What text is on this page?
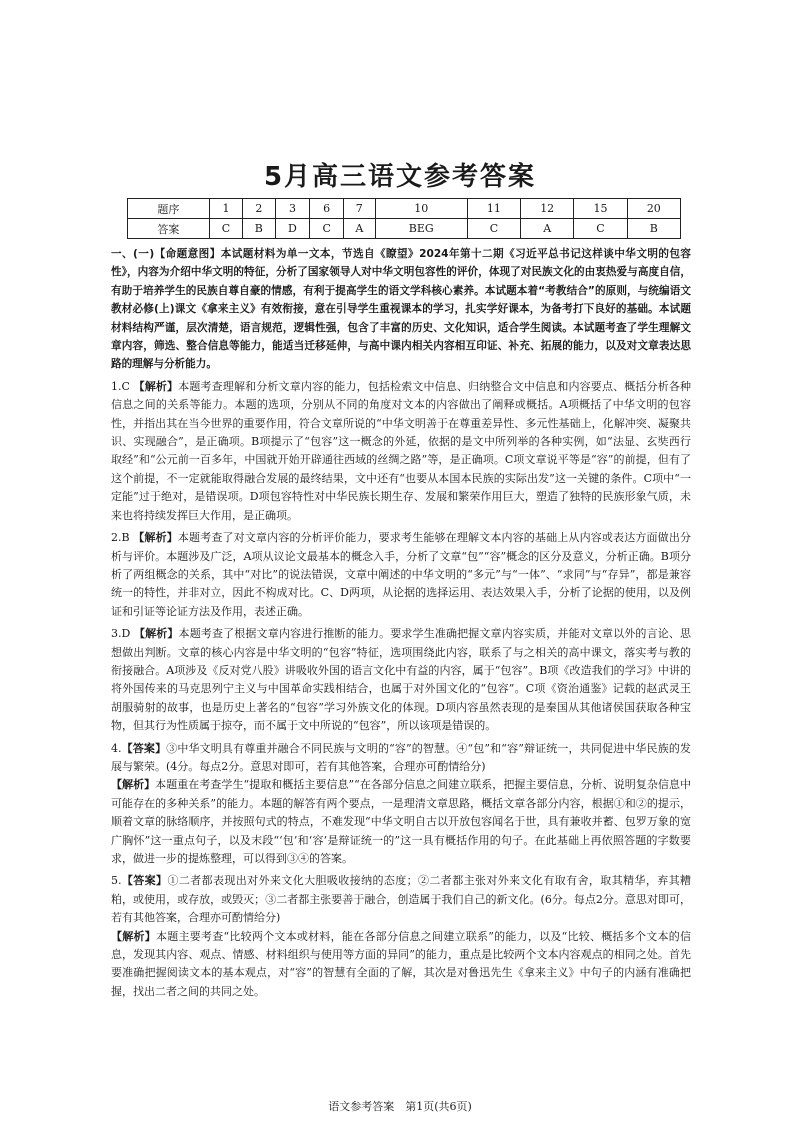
5月高三语文参考答案
题序	1	2	3	6	7	10	11	12	15	20
答案	C	B	D	C	A	BEG	C	A	C	B

一、(一)【命题意图】本试题材料为单一文本，节选自《瞭望》2024年第十二期《习近平总书记这样谈中华文明的包容性》，内容为介绍中华文明的特征，分析了国家领导人对中华文明包容性的评价，体现了对民族文化的由衷热爱与高度自信，有助于培养学生的民族自尊自豪的情感，有利于提高学生的语文学科核心素养。本试题本着“考教结合”的原则，与统编语文教材必修(上)课文《拿来主义》有效衔接，意在引导学生重视课本的学习，扎实学好课本，为备考打下良好的基础。本试题材料结构严谨，层次清楚，语言规范，逻辑性强，包含了丰富的历史、文化知识，适合学生阅读。本试题考查了学生理解文章内容，筛选、整合信息等能力，能适当迁移延伸，与高中课内相关内容相互印证、补充、拓展的能力，以及对文章表达思路的理解与分析能力。

1.C 【解析】本题考查理解和分析文章内容的能力，包括检索文中信息、归纳整合文中信息和内容要点、概括分析各种信息之间的关系等能力。本题的选项，分别从不同的角度对文本的内容做出了阐释或概括。A项概括了中华文明的包容性，并指出其在当今世界的重要作用，符合文章所说的“中华文明善于在尊重差异性、多元性基础上，化解冲突、凝聚共识、实现融合”，是正确项。B项提示了“包容”这一概念的外延，依据的是文中所列举的各种实例，如“法显、玄奘西行取经”和“公元前一百多年，中国就开始开辟通往西域的丝绸之路”等，是正确项。C项文章说平等是“容”的前提，但有了这个前提，不一定就能取得融合发展的最终结果，文中还有“也要从本国本民族的实际出发”这一关键的条件。C项中“一定能”过于绝对，是错误项。D项包容特性对中华民族长期生存、发展和繁荣作用巨大，塑造了独特的民族形象气质，未来也将持续发挥巨大作用，是正确项。

2.B 【解析】本题考查了对文章内容的分析评价能力，要求考生能够在理解文本内容的基础上从内容或表达方面做出分析与评价。本题涉及广泛，A项从议论文最基本的概念入手，分析了文章“包”“容”概念的区分及意义，分析正确。B项分析了两组概念的关系，其中“对比”的说法错误，文章中阐述的中华文明的“多元”与“一体”、“求同”与“存异”，都是兼容统一的特性，并非对立，因此不构成对比。C、D两项，从论据的选择运用、表达效果入手，分析了论据的使用，以及例证和引证等论证方法及作用，表述正确。

3.D 【解析】本题考查了根据文章内容进行推断的能力。要求学生准确把握文章内容实质，并能对文章以外的言论、思想做出判断。文章的核心内容是中华文明的“包容”特征，选项围绕此内容，联系了与之相关的高中课文，落实考与教的衔接融合。A项涉及《反对党八股》讲吸收外国的语言文化中有益的内容，属于“包容”。B项《改造我们的学习》中讲的将外国传来的马克思列宁主义与中国革命实践相结合，也属于对外国文化的“包容”。C项《资治通鉴》记载的赵武灵王胡服骑射的故事，也是历史上著名的“包容”学习外族文化的体现。D项内容虽然表现的是秦国从其他诸侯国获取各种宝物，但其行为性质属于掠夺，而不属于文中所说的“包容”，所以该项是错误的。

4.【答案】③中华文明具有尊重并融合不同民族与文明的“容”的智慧。④“包”和“容”辩证统一，共同促进中华民族的发展与繁荣。(4分。每点2分。意思对即可，若有其他答案，合理亦可酌情给分)
【解析】本题重在考查学生“提取和概括主要信息”“在各部分信息之间建立联系，把握主要信息，分析、说明复杂信息中可能存在的多种关系”的能力。本题的解答有两个要点，一是理清文章思路，概括文章各部分内容，根据①和②的提示，顺着文章的脉络顺序，并按照句式的特点，不难发现“中华文明自古以开放包容闻名于世，具有兼收并蓄、包罗万象的宽广胸怀”这一重点句子，以及末段“‘包’和‘容’是辩证统一的”这一具有概括作用的句子。在此基础上再依照答题的字数要求，做进一步的提炼整理，可以得到③④的答案。

5.【答案】①二者都表现出对外来文化大胆吸收接纳的态度；②二者都主张对外来文化有取有舍，取其精华，弃其糟粕，或使用，或存放，或毁灭；③二者都主张要善于融合，创造属于我们自己的新文化。(6分。每点2分。意思对即可，若有其他答案，合理亦可酌情给分)
【解析】本题主要考查“比较两个文本或材料，能在各部分信息之间建立联系”的能力，以及“比较、概括多个文本的信息，发现其内容、观点、情感、材料组织与使用等方面的异同”的能力，重点是比较两个文本内容观点的相同之处。首先要准确把握阅读文本的基本观点，对“容”的智慧有全面的了解，其次是对鲁迅先生《拿来主义》中句子的内涵有准确把握，找出二者之间的共同之处。

语文参考答案　第1页(共6页)
